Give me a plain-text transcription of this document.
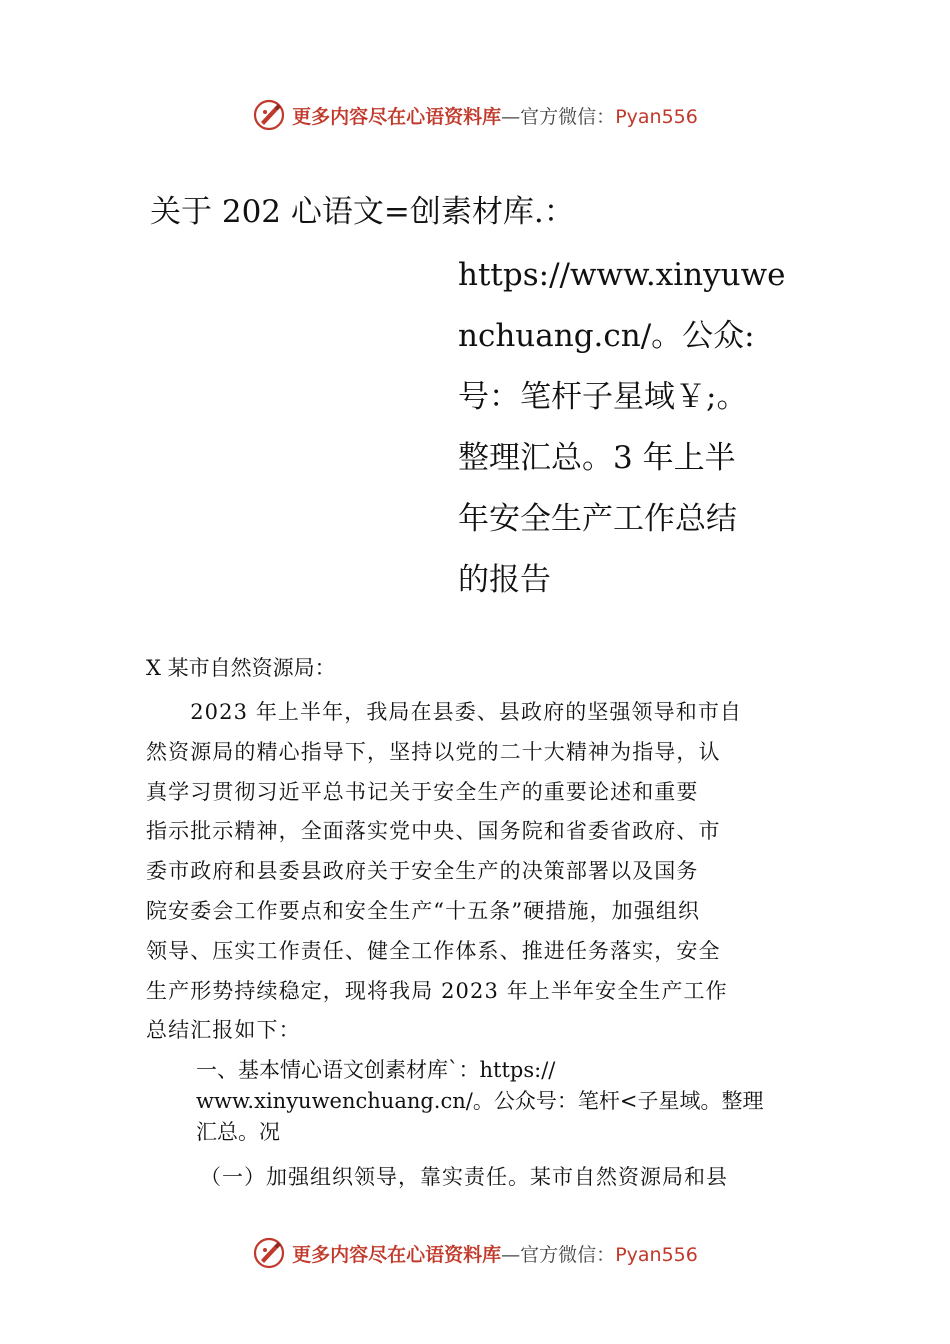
更多内容尽在心语资料库—官方微信：Pyan556
关于 202 心语文=创素材库.：
https://www.xinyuwe
nchuang.cn/。公众:
号：笔杆子星域￥;。
整理汇总。3 年上半
年安全生产工作总结
的报告
X 某市自然资源局：
　　2023 年上半年，我局在县委、县政府的坚强领导和市自
然资源局的精心指导下，坚持以党的二十大精神为指导，认
真学习贯彻习近平总书记关于安全生产的重要论述和重要
指示批示精神，全面落实党中央、国务院和省委省政府、市
委市政府和县委县政府关于安全生产的决策部署以及国务
院安委会工作要点和安全生产“十五条”硬措施，加强组织
领导、压实工作责任、健全工作体系、推进任务落实，安全
生产形势持续稳定，现将我局 2023 年上半年安全生产工作
总结汇报如下：
一、基本情心语文创素材库`：https://
www.xinyuwenchuang.cn/。公众号：笔杆<子星域。整理
汇总。况
（一）加强组织领导，靠实责任。某市自然资源局和县
更多内容尽在心语资料库—官方微信：Pyan556
